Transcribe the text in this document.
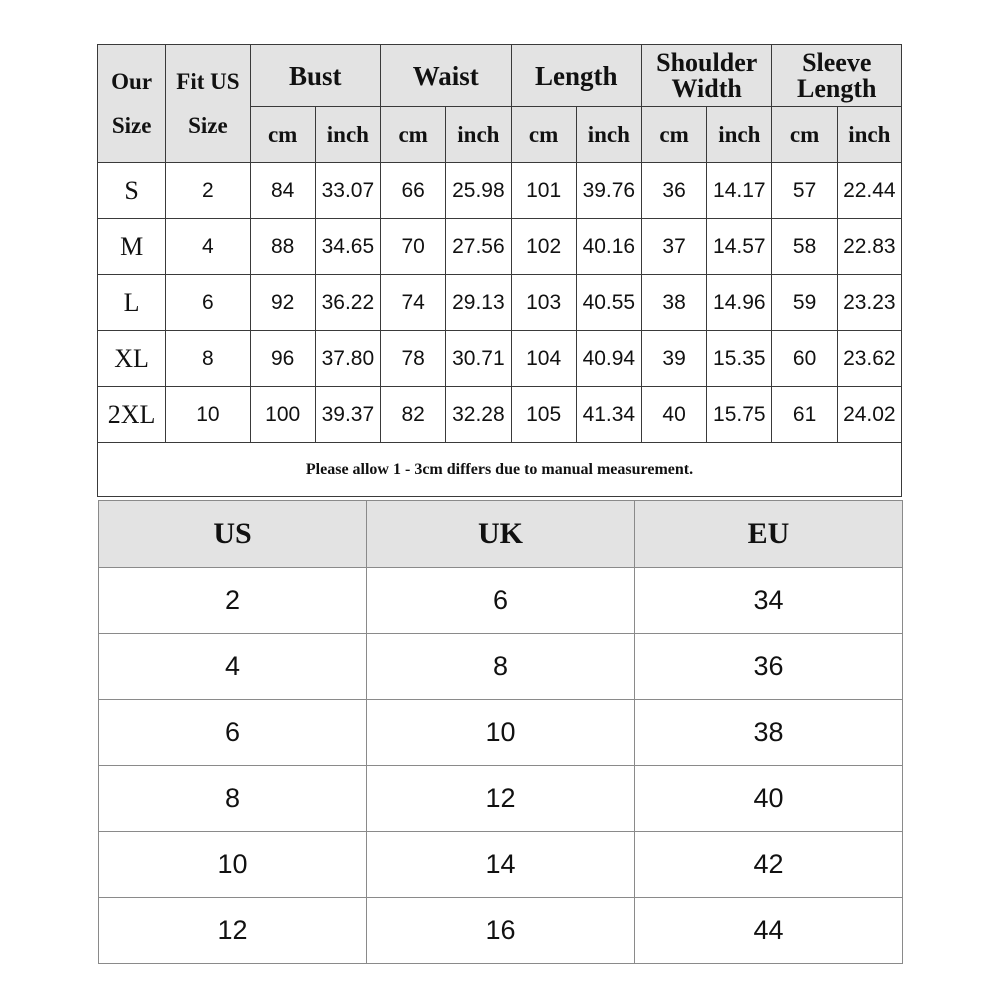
Our Size	Fit US Size	Bust		Waist		Length		Shoulder Width		Sleeve Length	
		cm	inch	cm	inch	cm	inch	cm	inch	cm	inch
S	2	84	33.07	66	25.98	101	39.76	36	14.17	57	22.44
M	4	88	34.65	70	27.56	102	40.16	37	14.57	58	22.83
L	6	92	36.22	74	29.13	103	40.55	38	14.96	59	23.23
XL	8	96	37.80	78	30.71	104	40.94	39	15.35	60	23.62
2XL	10	100	39.37	82	32.28	105	41.34	40	15.75	61	24.02
Please allow 1 - 3cm differs due to manual measurement.											
US	UK	EU
2	6	34
4	8	36
6	10	38
8	12	40
10	14	42
12	16	44
